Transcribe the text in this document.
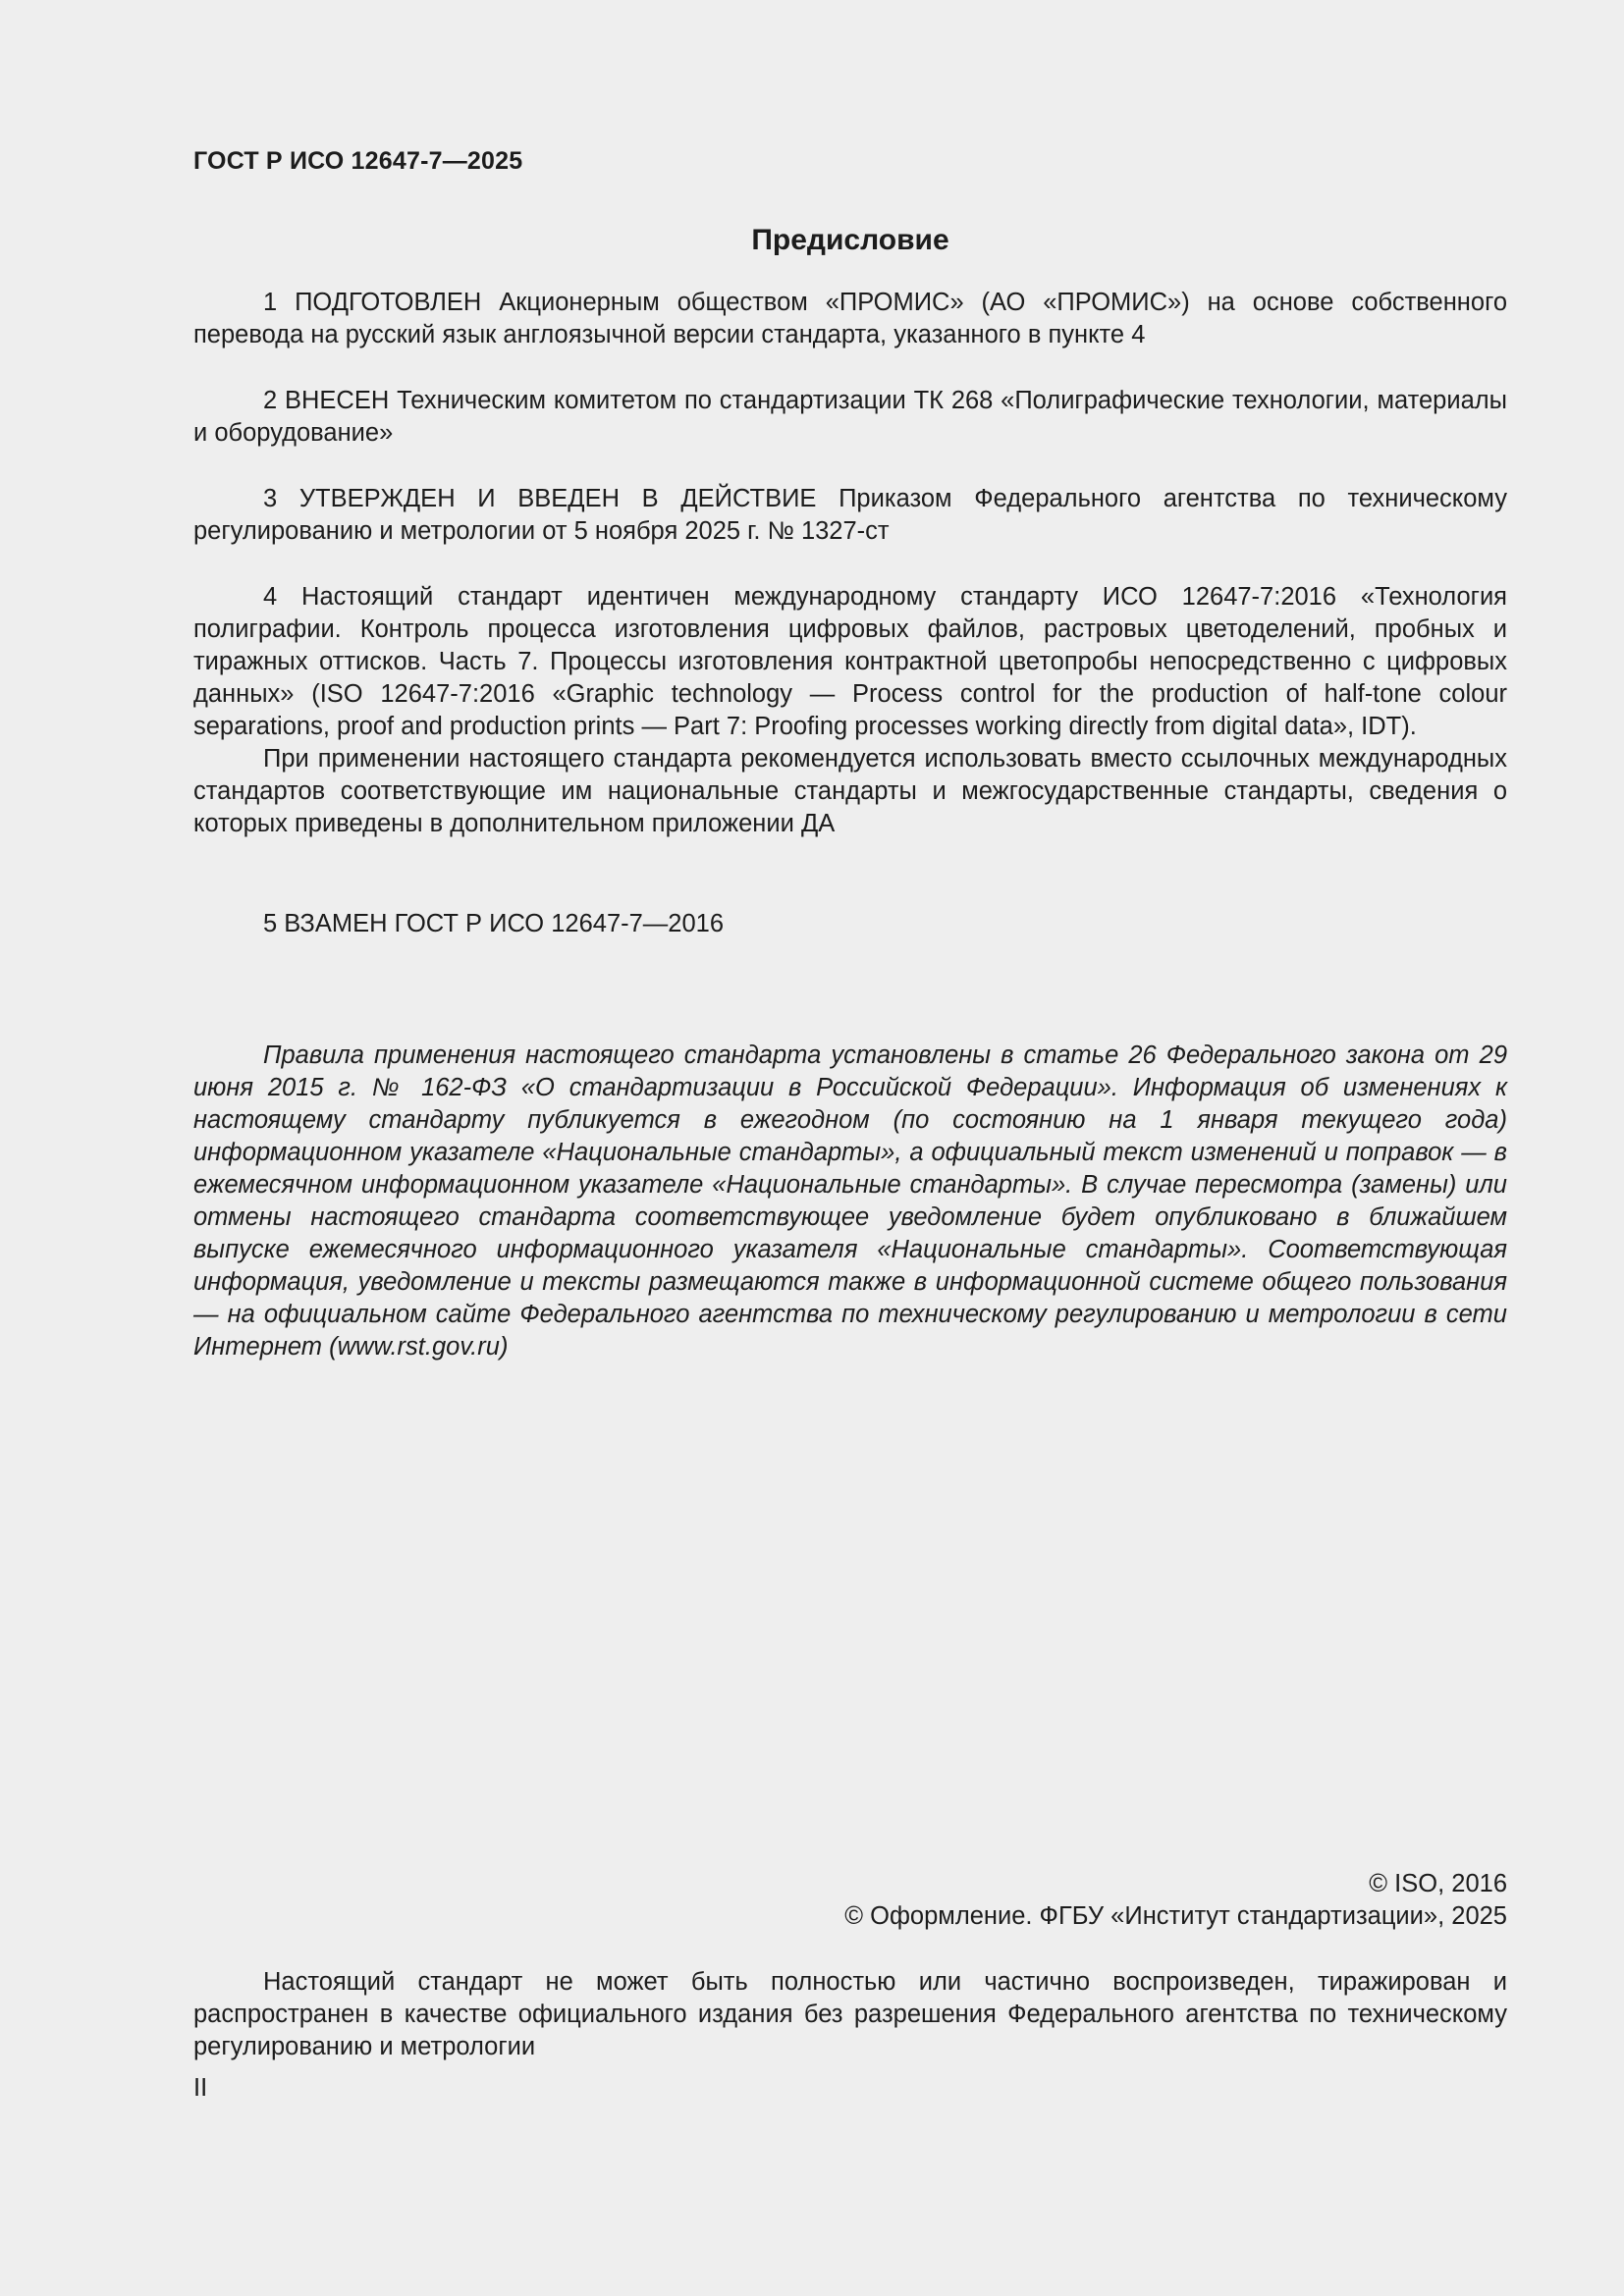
ГОСТ Р ИСО 12647-7—2025
Предисловие

1 ПОДГОТОВЛЕН Акционерным обществом «ПРОМИС» (АО «ПРОМИС») на основе собственного перевода на русский язык англоязычной версии стандарта, указанного в пункте 4

2 ВНЕСЕН Техническим комитетом по стандартизации ТК 268 «Полиграфические технологии, материалы и оборудование»

3 УТВЕРЖДЕН И ВВЕДЕН В ДЕЙСТВИЕ Приказом Федерального агентства по техническому регулированию и метрологии от 5 ноября 2025 г. № 1327-ст

4 Настоящий стандарт идентичен международному стандарту ИСО 12647-7:2016 «Технология полиграфии. Контроль процесса изготовления цифровых файлов, растровых цветоделений, пробных и тиражных оттисков. Часть 7. Процессы изготовления контрактной цветопробы непосредственно с цифровых данных» (ISO 12647-7:2016 «Graphic technology — Process control for the production of half-tone colour separations, proof and production prints — Part 7: Proofing processes working directly from digital data», IDT).

При применении настоящего стандарта рекомендуется использовать вместо ссылочных международных стандартов соответствующие им национальные стандарты и межгосударственные стандарты, сведения о которых приведены в дополнительном приложении ДА

5 ВЗАМЕН ГОСТ Р ИСО 12647-7—2016

Правила применения настоящего стандарта установлены в статье 26 Федерального закона от 29 июня 2015 г. № 162-ФЗ «О стандартизации в Российской Федерации». Информация об изменениях к настоящему стандарту публикуется в ежегодном (по состоянию на 1 января текущего года) информационном указателе «Национальные стандарты», а официальный текст изменений и поправок — в ежемесячном информационном указателе «Национальные стандарты». В случае пересмотра (замены) или отмены настоящего стандарта соответствующее уведомление будет опубликовано в ближайшем выпуске ежемесячного информационного указателя «Национальные стандарты». Соответствующая информация, уведомление и тексты размещаются также в информационной системе общего пользования — на официальном сайте Федерального агентства по техническому регулированию и метрологии в сети Интернет (www.rst.gov.ru)

© ISO, 2016
© Оформление. ФГБУ «Институт стандартизации», 2025

Настоящий стандарт не может быть полностью или частично воспроизведен, тиражирован и распространен в качестве официального издания без разрешения Федерального агентства по техническому регулированию и метрологии

II
